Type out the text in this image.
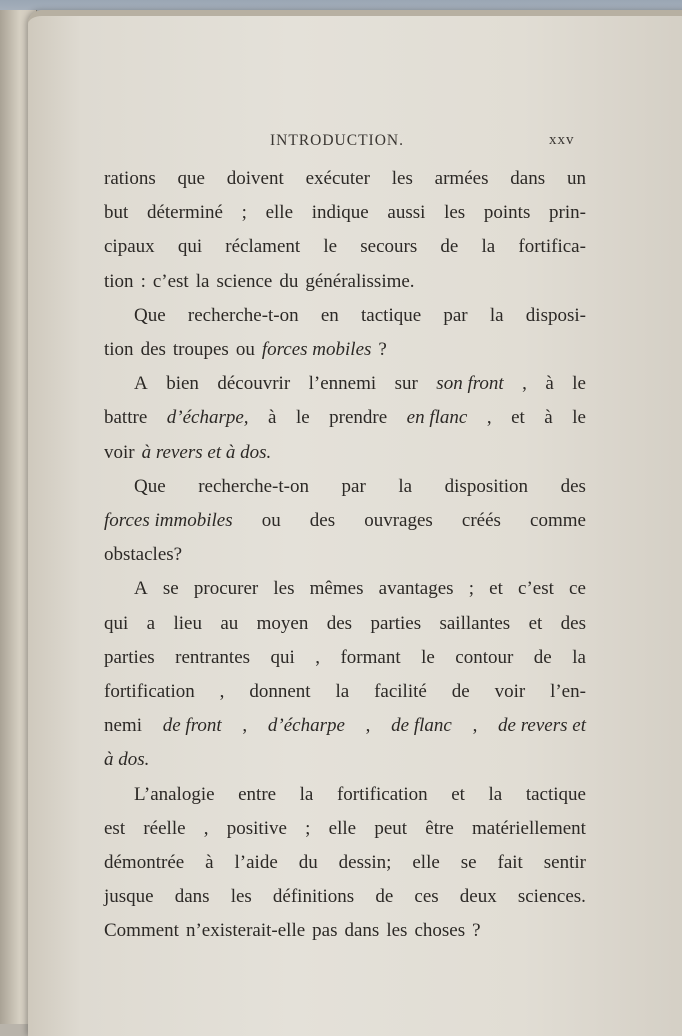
INTRODUCTION.	xxv
rations que doivent exécuter les armées dans un
but déterminé ; elle indique aussi les points prin-
cipaux qui réclament le secours de la fortifica-
tion : c’est la science du généralissime.
Que recherche-t-on en tactique par la disposi-
tion des troupes ou forces mobiles ?
A bien découvrir l’ennemi sur son front , à le
battre d’écharpe, à le prendre en flanc , et à le
voir à revers et à dos.
Que recherche-t-on par la disposition des
forces immobiles ou des ouvrages créés comme
obstacles?
A se procurer les mêmes avantages ; et c’est ce
qui a lieu au moyen des parties saillantes et des
parties rentrantes qui , formant le contour de la
fortification , donnent la facilité de voir l’en-
nemi de front , d’écharpe , de flanc , de revers et
à dos.
L’analogie entre la fortification et la tactique
est réelle , positive ; elle peut être matériellement
démontrée à l’aide du dessin; elle se fait sentir
jusque dans les définitions de ces deux sciences.
Comment n’existerait-elle pas dans les choses ?
